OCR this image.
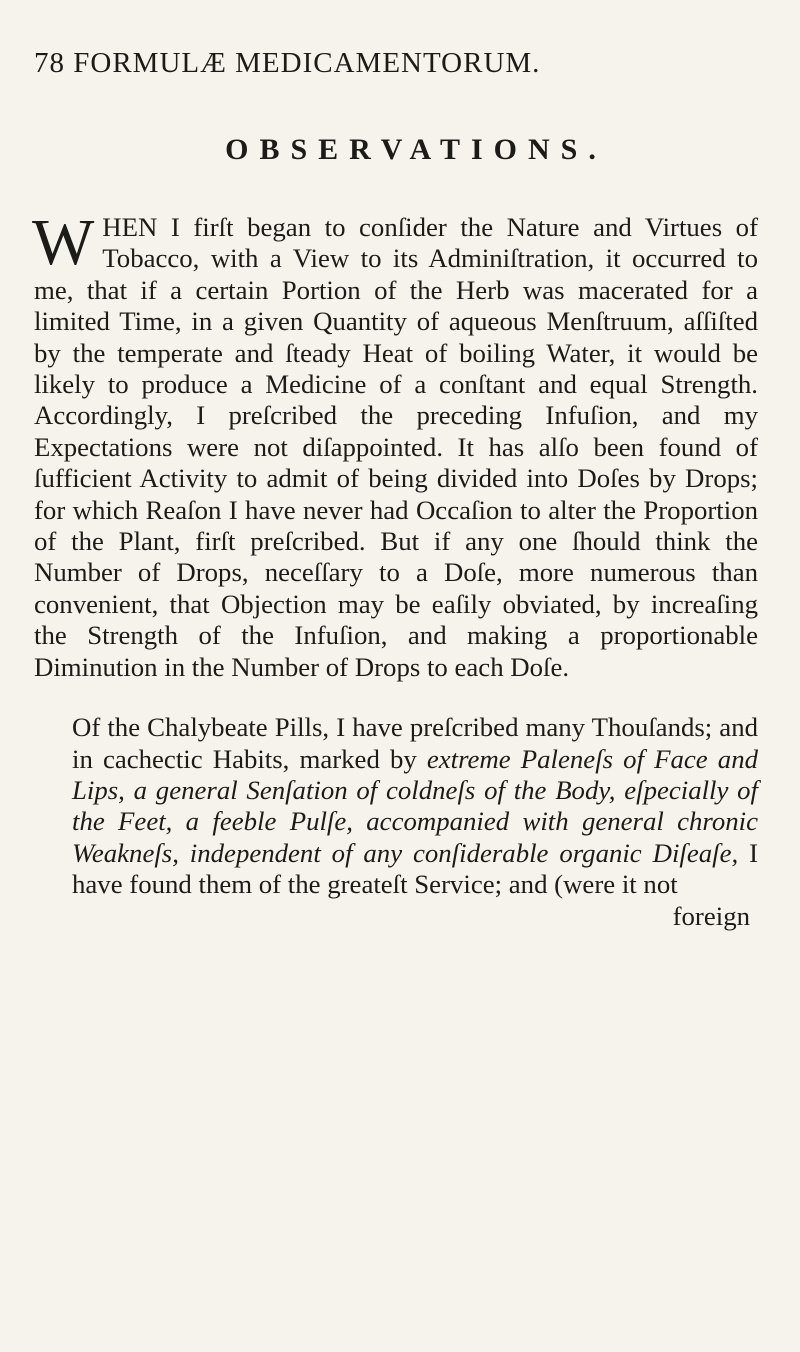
78 FORMULÆ MEDICAMENTORUM.

OBSERVATIONS.

WHEN I firſt began to conſider the Nature and Virtues of Tobacco, with a View to its Adminiſtration, it occurred to me, that if a certain Portion of the Herb was macerated for a limited Time, in a given Quantity of aqueous Menſtruum, aſſiſted by the temperate and ſteady Heat of boiling Water, it would be likely to produce a Medicine of a conſtant and equal Strength. Accordingly, I preſcribed the preceding Infuſion, and my Expectations were not diſappointed. It has alſo been found of ſufficient Activity to admit of being divided into Doſes by Drops; for which Reaſon I have never had Occaſion to alter the Proportion of the Plant, firſt preſcribed. But if any one ſhould think the Number of Drops, neceſſary to a Doſe, more numerous than convenient, that Objection may be eaſily obviated, by increaſing the Strength of the Infuſion, and making a proportionable Diminution in the Number of Drops to each Doſe.

Of the Chalybeate Pills, I have preſcribed many Thouſands; and in cachectic Habits, marked by extreme Paleneſs of Face and Lips, a general Senſation of coldneſs of the Body, eſpecially of the Feet, a feeble Pulſe, accompanied with general chronic Weakneſs, independent of any conſiderable organic Diſeaſe, I have found them of the greateſt Service; and (were it not

foreign
